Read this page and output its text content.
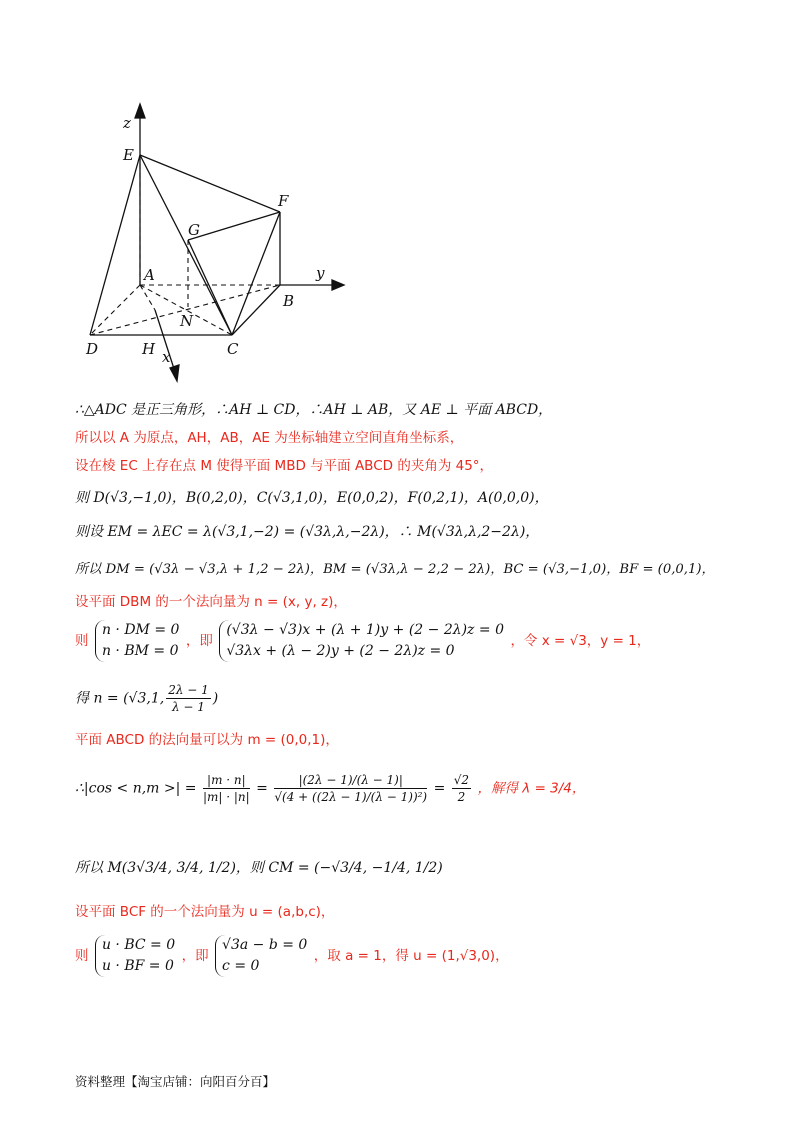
z
E
F
G
A	y
B
N
D	H x	C
∴△ADC 是正三角形，∴AH ⊥ CD，∴AH ⊥ AB，又 AE ⊥ 平面 ABCD，
所以以 A 为原点，AH，AB，AE 为坐标轴建立空间直角坐标系，
设在棱 EC 上存在点 M 使得平面 MBD 与平面 ABCD 的夹角为 45°，
则 D(√3,−1,0)，B(0,2,0)，C(√3,1,0)，E(0,0,2)，F(0,2,1)，A(0,0,0)，
则设 EM = λEC = λ(√3,1,−2) = (√3λ,λ,−2λ)，∴ M(√3λ,λ,2−2λ)，
所以 DM = (√3λ − √3,λ + 1,2 − 2λ)，BM = (√3λ,λ − 2,2 − 2λ)，BC = (√3,−1,0)，BF = (0,0,1)，
设平面 DBM 的一个法向量为 n = (x, y, z)，
则
n · DM = 0
n · BM = 0
，即
(√3λ − √3)x + (λ + 1)y + (2 − 2λ)z = 0
√3λx + (λ − 2)y + (2 − 2λ)z = 0
，令 x = √3，y = 1，
得 n = (√3,1, $\frac{2\lambda - 1}{\lambda - 1}$ )
平面 ABCD 的法向量可以为 m = (0,0,1)，
∴|cos < n,m >| = $\frac{|m \cdot n|}{|m| \cdot |n|} = \frac{|(2\lambda - 1)/(\lambda - 1)|}{\text{√(4 + ((2λ − 1)/(λ − 1))²)}} = \frac{√2}{2}$ ，解得 λ = 3/4，
所以 M(3√3/4, 3/4, 1/2)，则 CM = (−√3/4, −1/4, 1/2)
设平面 BCF 的一个法向量为 u = (a,b,c)，
则
u · BC = 0
u · BF = 0
，即
√3a − b = 0
c = 0
，取 a = 1，得 u = (1,√3,0)，
资料整理【淘宝店铺：向阳百分百】
